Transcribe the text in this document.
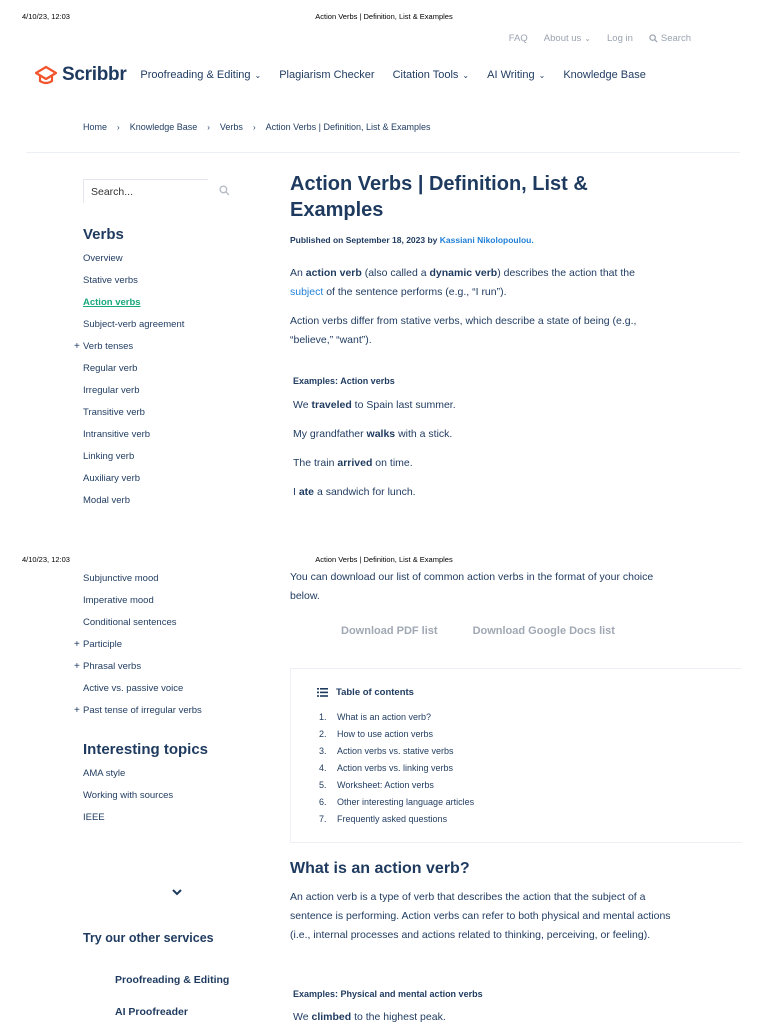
4/10/23, 12:03	Action Verbs | Definition, List & Examples
FAQ About us ⌄ Log in	Search
Scribbr Proofreading & Editing ⌄ Plagiarism Checker Citation Tools ⌄ AI Writing ⌄ Knowledge Base
Home › Knowledge Base › Verbs › Action Verbs | Definition, List & Examples
Search...
Verbs
Overview
Stative verbs
Action verbs
Subject-verb agreement
+ Verb tenses
Regular verb
Irregular verb
Transitive verb
Intransitive verb
Linking verb
Auxiliary verb
Modal verb
Action Verbs | Definition, List & Examples
Published on September 18, 2023 by Kassiani Nikolopoulou.
An action verb (also called a dynamic verb) describes the action that the subject of the sentence performs (e.g., “I run”).
Action verbs differ from stative verbs, which describe a state of being (e.g., “believe,” “want”).
Examples: Action verbs
We traveled to Spain last summer.
My grandfather walks with a stick.
The train arrived on time.
I ate a sandwich for lunch.
4/10/23, 12:03	Action Verbs | Definition, List & Examples
Subjunctive mood
Imperative mood
Conditional sentences
+ Participle
+ Phrasal verbs
Active vs. passive voice
+ Past tense of irregular verbs
Interesting topics
AMA style
Working with sources
IEEE
Try our other services
Proofreading & Editing
AI Proofreader
You can download our list of common action verbs in the format of your choice below.
Download PDF list	Download Google Docs list
Table of contents
1.	What is an action verb?
2.	How to use action verbs
3.	Action verbs vs. stative verbs
4.	Action verbs vs. linking verbs
5.	Worksheet: Action verbs
6.	Other interesting language articles
7.	Frequently asked questions
What is an action verb?
An action verb is a type of verb that describes the action that the subject of a sentence is performing. Action verbs can refer to both physical and mental actions (i.e., internal processes and actions related to thinking, perceiving, or feeling).
Examples: Physical and mental action verbs
We climbed to the highest peak.
